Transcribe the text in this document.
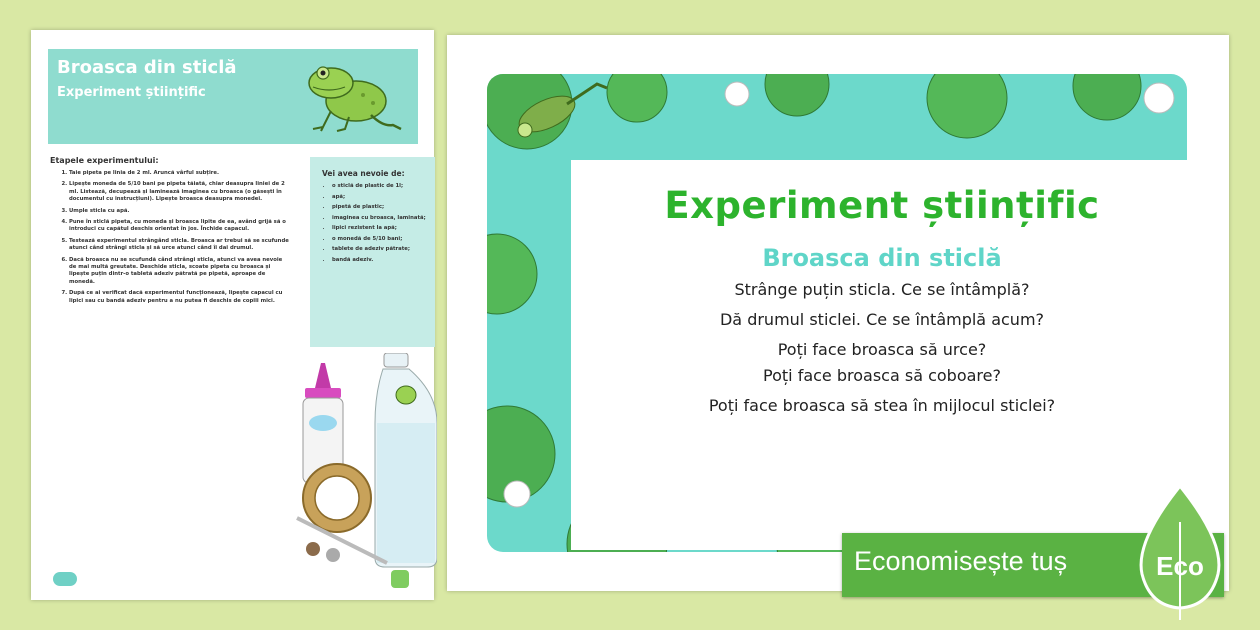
Broasca din sticlă
Experiment științific
Etapele experimentului:
1. Taie pipeta pe linia de 2 ml. Aruncă vârful subțire.
2. Lipește moneda de 5/10 bani pe pipeta tăiată, chiar deasupra liniei de 2 ml. Listează, decupează și laminează imaginea cu broasca (o găsești în documentul cu instrucțiuni). Lipește broasca deasupra monedei.
3. Umple sticla cu apă.
4. Pune în sticlă pipeta, cu moneda și broasca lipite de ea, având grijă să o introduci cu capătul deschis orientat în jos. Închide capacul.
5. Testează experimentul strângând sticla. Broasca ar trebui să se scufunde atunci când strângi sticla și să urce atunci când îi dai drumul.
6. Dacă broasca nu se scufundă când strângi sticla, atunci va avea nevoie de mai multă greutate. Deschide sticla, scoate pipeta cu broasca și lipește puțin dintr-o tabletă adeziv pătrată pe pipetă, aproape de monedă.
7. După ce ai verificat dacă experimentul funcționează, lipește capacul cu lipici sau cu bandă adeziv pentru a nu putea fi deschis de copiii mici.
Vei avea nevoie de:
• o sticlă de plastic de 1l;
• apă;
• pipetă de plastic;
• imaginea cu broasca, laminată;
• lipici rezistent la apă;
• o monedă de 5/10 bani;
• tablete de adeziv pătrate;
• bandă adeziv.
Experiment științific
Broasca din sticlă
Strânge puțin sticla. Ce se întâmplă?
Dă drumul sticlei. Ce se întâmplă acum?
Poți face broasca să urce?
Poți face broasca să coboare?
Poți face broasca să stea în mijlocul sticlei?
Economisește tuș	Eco
